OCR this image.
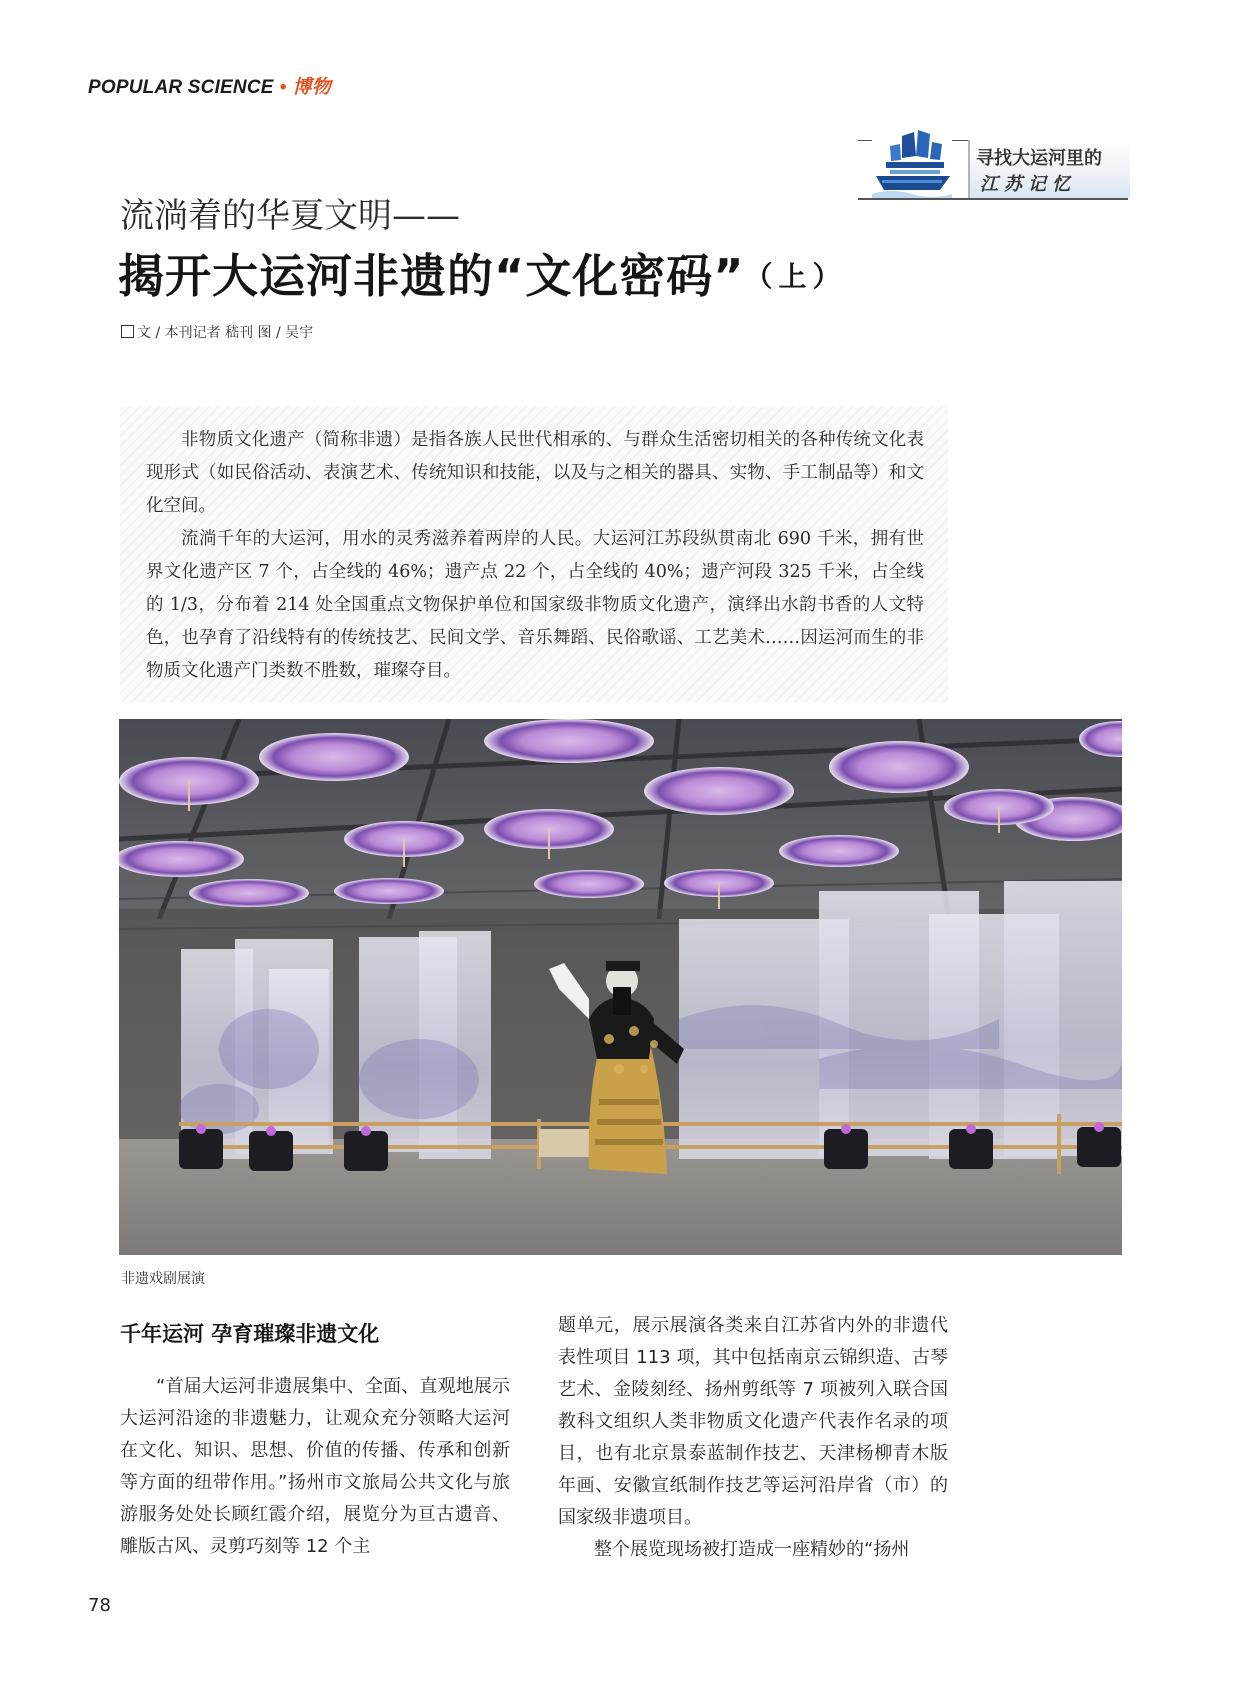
POPULAR SCIENCE • 博物
寻找大运河里的
江苏记忆
流淌着的华夏文明——
揭开大运河非遗的“文化密码” （上）
文 / 本刊记者 嵇刊 图 / 吴宇

非物质文化遗产（简称非遗）是指各族人民世代相承的、与群众生活密切相关的各种传统文化表现形式（如民俗活动、表演艺术、传统知识和技能，以及与之相关的器具、实物、手工制品等）和文化空间。

流淌千年的大运河，用水的灵秀滋养着两岸的人民。大运河江苏段纵贯南北 690 千米，拥有世界文化遗产区 7 个，占全线的 46%；遗产点 22 个，占全线的 40%；遗产河段 325 千米，占全线的 1/3，分布着 214 处全国重点文物保护单位和国家级非物质文化遗产，演绎出水韵书香的人文特色，也孕育了沿线特有的传统技艺、民间文学、音乐舞蹈、民俗歌谣、工艺美术……因运河而生的非物质文化遗产门类数不胜数，璀璨夺目。

非遗戏剧展演
千年运河 孕育璀璨非遗文化

“首届大运河非遗展集中、全面、直观地展示大运河沿途的非遗魅力，让观众充分领略大运河在文化、知识、思想、价值的传播、传承和创新等方面的纽带作用。”扬州市文旅局公共文化与旅游服务处处长顾红霞介绍，展览分为亘古遗音、雕版古风、灵剪巧刻等 12 个主

题单元，展示展演各类来自江苏省内外的非遗代表性项目 113 项，其中包括南京云锦织造、古琴艺术、金陵刻经、扬州剪纸等 7 项被列入联合国教科文组织人类非物质文化遗产代表作名录的项目，也有北京景泰蓝制作技艺、天津杨柳青木版年画、安徽宣纸制作技艺等运河沿岸省（市）的国家级非遗项目。

整个展览现场被打造成一座精妙的“扬州

78
